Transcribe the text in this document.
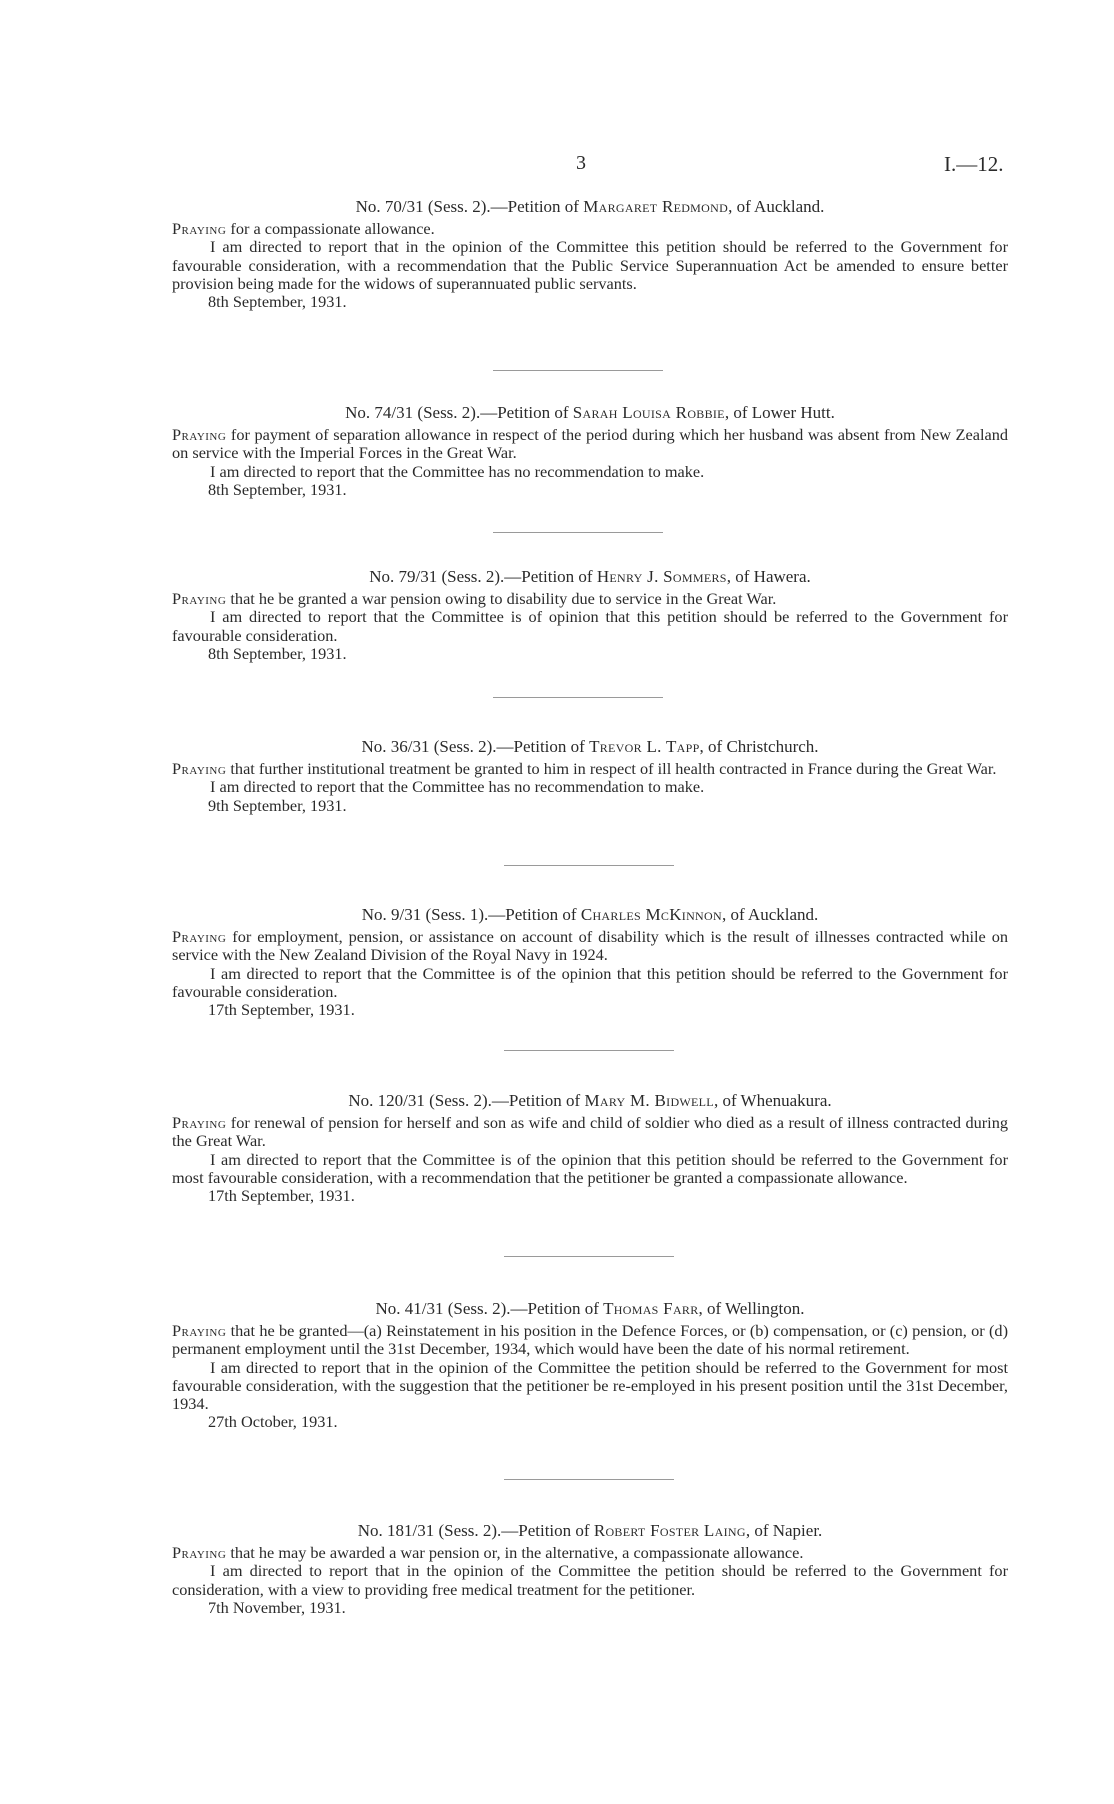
3	I.—12.
No. 70/31 (Sess. 2).—Petition of Margaret Redmond, of Auckland.

Praying for a compassionate allowance.

I am directed to report that in the opinion of the Committee this petition should be referred to the Government for favourable consideration, with a recommendation that the Public Service Superannuation Act be amended to ensure better provision being made for the widows of superannuated public servants.

8th September, 1931.

No. 74/31 (Sess. 2).—Petition of Sarah Louisa Robbie, of Lower Hutt.

Praying for payment of separation allowance in respect of the period during which her husband was absent from New Zealand on service with the Imperial Forces in the Great War.

I am directed to report that the Committee has no recommendation to make.

8th September, 1931.

No. 79/31 (Sess. 2).—Petition of Henry J. Sommers, of Hawera.

Praying that he be granted a war pension owing to disability due to service in the Great War.

I am directed to report that the Committee is of opinion that this petition should be referred to the Government for favourable consideration.

8th September, 1931.

No. 36/31 (Sess. 2).—Petition of Trevor L. Tapp, of Christchurch.

Praying that further institutional treatment be granted to him in respect of ill health contracted in France during the Great War.

I am directed to report that the Committee has no recommendation to make.

9th September, 1931.

No. 9/31 (Sess. 1).—Petition of Charles McKinnon, of Auckland.

Praying for employment, pension, or assistance on account of disability which is the result of illnesses contracted while on service with the New Zealand Division of the Royal Navy in 1924.

I am directed to report that the Committee is of the opinion that this petition should be referred to the Government for favourable consideration.

17th September, 1931.

No. 120/31 (Sess. 2).—Petition of Mary M. Bidwell, of Whenuakura.

Praying for renewal of pension for herself and son as wife and child of soldier who died as a result of illness contracted during the Great War.

I am directed to report that the Committee is of the opinion that this petition should be referred to the Government for most favourable consideration, with a recommendation that the petitioner be granted a compassionate allowance.

17th September, 1931.

No. 41/31 (Sess. 2).—Petition of Thomas Farr, of Wellington.

Praying that he be granted—(a) Reinstatement in his position in the Defence Forces, or (b) compensation, or (c) pension, or (d) permanent employment until the 31st December, 1934, which would have been the date of his normal retirement.

I am directed to report that in the opinion of the Committee the petition should be referred to the Government for most favourable consideration, with the suggestion that the petitioner be re-employed in his present position until the 31st December, 1934.

27th October, 1931.

No. 181/31 (Sess. 2).—Petition of Robert Foster Laing, of Napier.

Praying that he may be awarded a war pension or, in the alternative, a compassionate allowance.

I am directed to report that in the opinion of the Committee the petition should be referred to the Government for consideration, with a view to providing free medical treatment for the petitioner.

7th November, 1931.
